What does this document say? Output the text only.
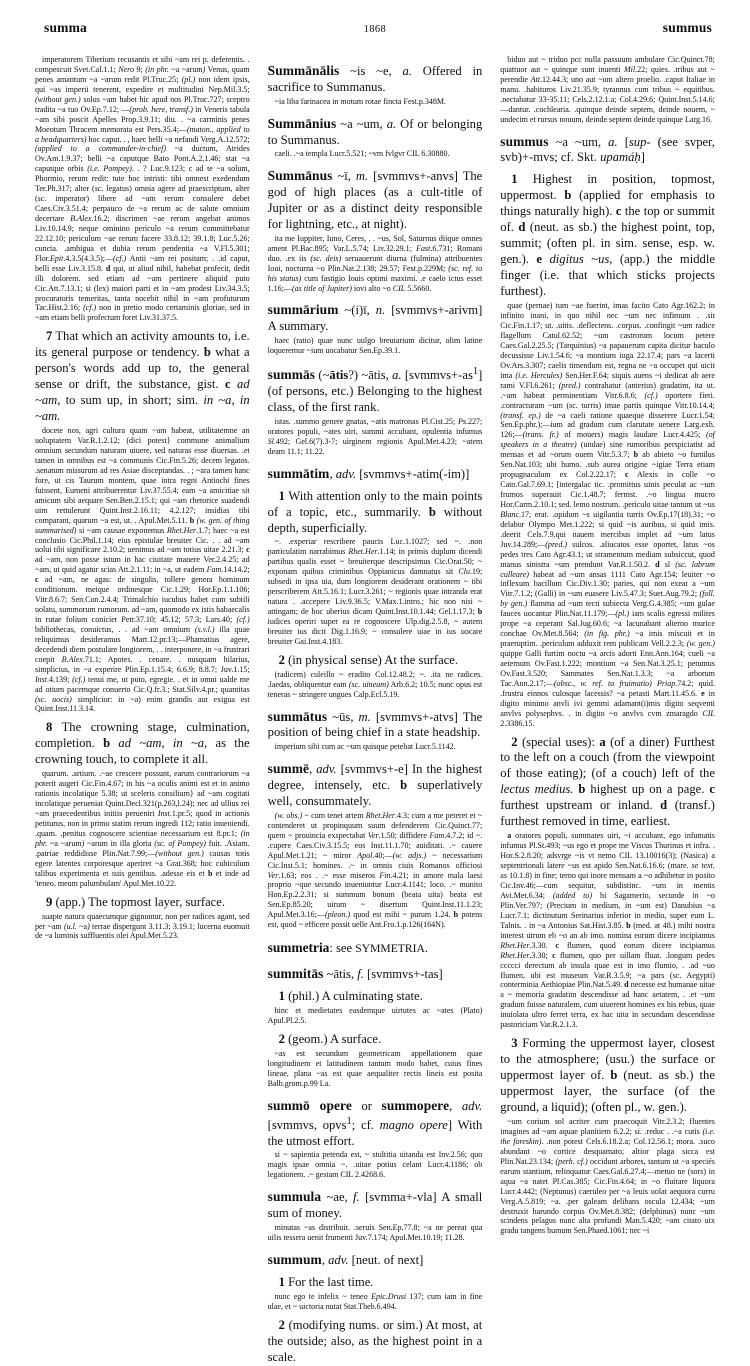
summa	1868	summus
imperatorem Tiberium recusantis et sibi ~am rei p. deferentis. . compescuit Svet.Cal.1.1; Nero 9; (in phr. ~a ~arum) Venus, quam penes amantum ~a ~arum redit Pl.Truc.25; (pl.) non idem ipsis, qui ~as imperii tenerent, expedire et multitudini Nep.Mil.3.5; (without gen.) solus ~am habet hic apud nos Pl.Truc.727; sceptro tradita ~a tuo Ov.Ep.7.12; —(prob. here, transf.) in Veneris tabula ~am sibi poscit Apelles Prop.3.9.11; diu. . ~a carminis penes Moeotum Thracem memorata est Pers.35.4;—(maton., applied to a headquarters) hoc caput. . , haec belli ~a nefandi Verg.A.12.572; (applied to a commander-in-chief) ~a ductum, Atrides Ov.Am.1.9.37; belli ~a caputque Bato Pont.A.2.1.46; stat ~a caputque orbis (i.e. Pompey). . ? Luc.9.123; c ad te ~a solum, Phormio, rerum redit: tute hoc intristi: tibi omnest exedendum Ter.Ph.317; alter (sc. legatus) omnia agere ad praescriptum, alter (sc. imperator) libere ad ~am rerum consulere debet Caes.Civ.3.51.4; perpauco de ~a rerum ac de salute omnium decertare B.Alex.16.2; discrimen ~ae rerum angebat animos Liv.10.14.9; neque ominino periculo ~a rerum committebatur 22.12.10; periculum ~ae rerum facere 33.8.12; 39.1.8; Luc.5.26; cuncta. .ambigua et dubia rerum pendentia ~a V.Fl.5.301; Flor.Epit.4.3.5(4.3.5);—(cf.) Antii ~am rei positam; . .id caput, belli esse Liv.3.15.8. d qui, ut aliud nihil, habebat profecit, dedit illi dolorem. sed etiam ad ~am pertinere aliquid puto Cic.Att.7.13.1; si (lex) maiori parti et in ~am prodest Liv.34.3.5; procuratoris temeritas, tanta nocebit nihil in ~am profuturum Tac.Hist.2.16; (cf.) non in pretio modo certaminis gloriae, sed in ~am etiam belli profectum foret Liv.31.37.5.
7 That which an activity amounts to, i.e. its general purpose or tendency. b what a person's words add up to, the general sense or drift, the substance, gist. c ad ~am, to sum up, in short; sim. in ~a, in ~am.
docete nos, agri cultura quam ~am habeat, utilitatemne an uoluptatem Var.R.1.2.12; (dici potest} commune animalium omnium secundum naturam uiuere, sed naturas esse diuersas. .et tamen in omnibus est ~a communis Cic.Fin.5.26; decem legatos. .senatum missurum ad res Asiae disceptandas. . ; ~ara tamen hanc fore, ut cis Taurum montem, quae intra regni Antiochi fines fuissent, Eumeni attribuerentur Liv.37.55.4; eam ~a amicitiae sit amicum sibi aequare Sen.Ben.2.15.1; qui ~am rhetorice suadendi uim rettulerunt Quint.Inst.2.16.11; 4.2.127; insidias tibi comparant, quarum ~a est, ut. . Apul.Met.5.11. b (w. gen. of thing summarised) si ~am causae exponemus Rhet.Her.1.7; haec ~a est conclusio Cic.Phil.1.14; eius epistulae breuiter Cic. . . ad ~am uolui tibi significare 2.10.2; uenimus ad ~am totius uitae 2.21.3; c ad ~am, non posse istum in hac ciuitate manere Ver.2.4.25; ad ~am, ut quid agatur scias Att.2.1.11; in ~a, ut eadem Fam.14.14.2; c ad ~am, ne agas: de singulis, tollere genera hominum conditionum. meique ordinesque Cic.1.29; Hor.Ep.1.1.106; Vitr.8.6.7; Sen.Con.2.4.4; Trimalchio iucubus habet cum subtili uolatu, summorum rumorum. ad ~am, quomodo ex istis babaecalis in rutae folium coniciet Petr.37.10; 45.12; 57.3; Lars.40; (cf.) bibliothecas, conuictus, . . ad ~am omnium (s.v.l.) illa quae reliquimus desideramus Mart.12.pr.13;—Phamatius agere, decedendi diem postulare longiorem, . . interponere, in ~a frustrari coepit B.Alex.71.1; Apotes. . cenare. . nusquam hilarius, simplicius, in ~a experire Plin.Ep.1.15.4; 6.6.9; 8.8.7; Juv.1.15; Inst.4.139; (cf.) tenui me, ut puto, egregie. . et in omni ualde me ad otium pacemque conuerto Cic.Q.fr.3.; Stat.Silv.4.pr.; quantitas (sc. uocis) simplicior: in ~a) enim grandis aut exigua est Quint.Inst.11.3.14.
8 The crowning stage, culmination, completion. b ad ~am, in ~a, as the crowning touch, to complete it all.
quarum. .artium. .~ae crescere possunt, earum contrariorum ~a poterit augeri Cic.Fin.4.67; in his ~a oculis animi est et in animo rationis incolatique 5.38; ut sceleris consilium} ad ~am cogitati incolatique perueniat Quint.Decl.321(p.263,l.24); nec ad ullius rei ~am praecedentibus initiis perueniri Inst.1.pr.5; quod in actionis petiturus, non in primo statim rerum ingredi 112; ratio inueniendi. .quam. .penitus cognoscere scientiae necessarium est 8.pr.1; (in phr. ~a ~arum) ~arum in illa gloria (sc. of Pompey) fuit. .Asiam. .patriae reddidisse Plin.Nat.7.99;—(without gen.) causas totis egere latentes corporesque aperiret ~a Grat.368; hoc cubiculum talibus experimenta et suis gentibus. .adesse eis et b et inde ad 'teneo, meum palumbulam' Apul.Met.10.22.
9 (app.) The topmost layer, surface.
suapte natura quaecumque gignuntur, non per radices agant, sed per ~am (u.l. ~a) terrae dispergunt 3.11.3; 3.19.1; lucerna euomuit de ~a luminis suffluentis olei Apul.Met.5.23.
Summānālis ~is ~e, a. Offered in sacrifice to Summanus.
~ia liba farinacea in motum rotae fincta Fest.p.348M.
Summānius ~a ~um, a. Of or belonging to Summanus.
caeli. .~a templa Lucr.5.521; ~vm fvlgvr CIL 6.30880.
Summānus ~ī, m. [svmmvs+-anvs] The god of high places (as a cult-title of Jupiter or as a distinct deity responsible for lightning, etc., at night).
ita me Iuppiter, Iuno, Ceres, . . ~us, Sol, Saturnus diique omnes ament Pl.Bac.895; Var.L.5.74; Liv.32.29.1; Fast.6.731; Romani duo. .ex iis (sc. deis) seruauerunt diurna (fulmina) attribuentes Ioui, nocturna ~o Plin.Nat.2.138; 29.57; Fest.p.229M; (sc. ref. to his status) cum fastigio Iouis optimi maximi. .e caelo ictus esset 1.16;—(as title of Jupiter) iovi alto ~o CIL 5.5660.
summārium ~(i)ī, n. [svmmvs+-arivm] A summary.
haec (ratio) quae nunc uulgo breuiarium dicitur, olim latine loqueremur ~ium uocabatur Sen.Ep.39.1.
summās (~ātis?) ~ātis, a. $[svmmvs+-as^1]$ (of persons, etc.) Belonging to the highest class, of the first rank.
istas. .summo genere gnatas, ~atis matronas Pl.Cist.25; Ps.227; oratores populi, ~ates uiri, summi accubant, opulentia infumus Sl.492; Gel.6(7).3-7; uirginem regionis Apul.Met.4.23; ~atem deam 11.1; 11.22.
summātim, adv. [svmmvs+-atim(-im)]
1 With attention only to the main points of a topic, etc., summarily. b without depth, superficially.
~. .experiar rescribere paucis Luc.1.1027; sed ~. .non particulatim narrabimus Rhet.Her.1.14; in primis duplum dicendi partibus qualis esset ~ breuiterque descripsimus Cic.Orat.50; ~ exponam quibus criminibus Oppianicus damnatus sit Clu.19; subsedi in ipsa uia, dum longiorem desiderant orationem ~ tibi perscriberem Att.5.16.1; Lucr.3.261; ~ regionis quae intranda erat natura . .accepere Liv.9.36.5; V.Max.1.intro.; hic non nisi ~ attingam; de hoc uberius dicam Quint.Inst.10.1.44; Gel.1.17.3; b iudices operiri super ea re cognoscere Ulp.dig.2.5.8, ~ autem breuiter ius dicit Dig.1.16.9; ~ consulere uiae in ius uocare breuiter Gai.Inst.4.183.
2 (in physical sense) At the surface.
(radicem) culeillo ~ eradito Col.12.48.2; ~. .ita ne radices. .laedas, obliquentur eam (sc. uineam) Arb.6.2; 10.5; nunc opus est teneras ~ stringere ungues Calp.Ecl.5.19.
summātus ~ūs, m. [svmmvs+-atvs] The position of being chief in a state headship.
imperium sibi cum ac ~um quisque petebat Lucr.5.1142.
summē, adv. [svmmvs+-e] In the highest degree, intensely, etc. b superlatively well, consummately.
(w. obs.) ~ cum tenet artem Rhet.Her.4.3; cum a me peteret et ~ contenderet ut propinquum suum defenderem Cic.Quinct.77; quem ~ prouincia exspectabat Ver.1.50; diffidere Fam.4.7.2; id ~. .cupere Caes.Civ.3.15.5; eos Inst.11.1.70; auiditati. .~ cauere Apul.Met.1.21; ~ miror Apol.40;—(w. adjs.) ~ necessarium Cic.Inst.5.1; homines. .~ in omnis ciuis Romanos officiosi Ver.1.63; eos . .~ esse miseros Fin.4.21; in amore mala laesi proprio ~que secundo inueniuntur Lucr.4.1141; loco. .~ munito Hon.Ep.2.2.31; si summum bonum (beata uita) beata est Sen.Ep.85.20; uirum ~ disertum Quint.Inst.11.1.23; Apul.Met.3.16;—(pleon.) quod est mihi ~ purum 1.24. b potens est, quod ~ efficere possit uelle Ant.Fro.1.p.126(164N).
summetria: see SYMMETRIA.
summitās ~ātis, f. [svmmvs+-tas]
1 (phil.) A culminating state.
hinc et medietates easdemque uirtutes ac ~ates (Plato) Apul.Pl.2.5.
2 (geom.) A surface.
~as est secundum geometricam appellationem quae longitudinem et latitudinem tantum modo habet, cuius fines lineae, plana ~as est quae aequaliter rectis lineis est posita Balb.grom.p.99 La.
summō opere or summopere, adv. [svmmvs, opvs$^1$; cf. magno opere] With the utmost effort.
si ~ sapientia petenda est, ~ stultitia uitanda est Inv.2.56; quo magis ipsae omnia ~. .uitae potius celant Lucr.4.1186; ob legationem. .~ gestam CIL 2.4268.6.
summula ~ae, f. [svmma+-vla] A small sum of money.
minutas ~as distribuit. .seruis Sen.Ep.77.8; ~a ne pereat qua uilis tessera uenit frumenti Juv.7.174; Apul.Met.10.19; 11.28.
summum, adv. [neut. of next]
1 For the last time.
nunc ego te infelix ~ teneo Epic.Drusi 137; cum iam in fine ulae, et ~ uictoria nutat Stat.Theb.6.494.
2 (modifying nums. or sim.) At most, at the outside; also, as the highest point in a scale.
biduo aut ~ triduo pcc nulla passuum ambulare Cic.Quinct.78; quattuor aut ~ quinque sunt inuenti Mil.22; quies. .tribus aut ~ perendie Att.12.44.3; uno aut ~um altero proelio. .caput Italiae in manu. .habituros Liv.21.35.9; tyrannus cum tribus ~ equitibus. .nectabatur 33-35.11; Cels.2.12.1.a; Col.4.29.6; Quint.Inst.5.14.6;—dantur. .cochlearia. .quinque deinde septem, deinde nouem, ~ undecim et rursus nouum, deinde septem deinde quinque Larg.16.
summus ~a ~um, a. [sup- (see svper, svb)+-mvs; cf. Skt. upamáḥ]
1 Highest in position, topmost, uppermost. b (applied for emphasis to things naturally high). c the top or summit of. d (neut. as sb.) the highest point, top, summit; (often pl. in sim. sense, esp. w. gen.). e digitus ~us, (app.) the middle finger (i.e. that which sticks projects furthest).
quae (pernae) tum ~ae fuerint, imas facito Cato Agr.162.2; in infinito inani, in quo nihil nec ~um nec infimum . .sit Cic.Fin.1.17; ut. .uitis. .deflectens. .corpus. .confingit ~um radice flagellum Catul.62.52; ~um castrorum locum petere Caes.Gal.2.25.5; (Tarquinius) ~a papauerum capita dicitur baculo decussisse Liv.1.54.6; ~a montium iuga 22.17.4; pars ~a lacerti Ov.Ars.3.307; caelis timendum est, regna ne ~a occupet qui uicit ima (i.e. Hercules) Sen.Her.F.64; siquis auens ~i dedicat ab aere rami V.Fl.6.261; (pred.) contrahatur (anterius) gradatim, ita ut. .~am habeat perminentiam Vitr.6.8.6; (cf.) oportere fieri. .contracturam ~um (sc. turris) imae partis quinque Vitr.10.14.4; (transf. ep.) de ~a caeli ratione quaeque disserere Lucr.1.54; Sen.Ep.phr.);—ium ad gradum cum clarutate uenere Larg.exh. 126;—(trans. fr.) of mouers) magis laudare Lucr.4.425; (of speakers in a theatre) (undae) sine rumoribus perspiciatist ad mensas et ad ~orum ouem Vitr.5.3.7; b ab abieto ~o fumilus Sen.Nat.103; ubi humo. .sub aurea origine ~igiae Terra etiam propugnaculum ex Col.2.22.17; c Alexis in colle ~o Cato.Gal.7.69.1; [intergalac tic. .promittus uinis peculat ac ~um frumos superauit Cic.1.48.7; fermst. .~o lingua mucro Hor.Carm.2.10.1; sed. lemo nostrum. .periculo uitae tantum ut ~us Blanc.17; erat. .opidum ~s uigilantia turris Ov.Ep.17(18).31; ~o delabor Olympo Met.1.222; si quid ~is auribus, si quid imis. .deerit Cels.7.9.qui nauem mercibus implet ad ~um latus Juv.14.289;—(pred.) sulcos. .aliucatos esse oportet, latus ~os pedes tres Cato Agr.43.1; ut stramentum mediam subsiccut, quod manus sinistra ~um prendunt Var.R.1.50.2. d sl (sc. labrum culleare) habeat ad ~um ansas 1111 Cato Agr.154; leuiter ~o inflexum bacillum Cic.Div.1.30; paries, qui non exeat a ~um Vitr.7.1.2; (Galli) in ~um euasere Liv.5.47.3; Suet.Aug.79.2; (foll. by gen.) flamma ad ~um tecti subiecta Verg.G.4.385; ~um gulae fauces uocantur Plin.Nat.11.179;—(pl.) iam scalis egressi milites prope ~a ceperant Sal.Jug.60.6; ~a lacunabant alterno murice conchae Ov.Met.8.564; (in fig. phr.) ~a imis miscuit et in praeruptim. .periculum adduxit rem publicam Vell.2.2.3; (w. gen.) quippe Galli furtim noctu ~a arcis adorti Enn.Ann.164; cueli ~a aeternum Ov.Fast.1.222; montium ~a Sen.Nat.3.25.1; petumus Ov.Fast.3.520; Sammates Sen.Nat.1.3.3; ~a arborum Tac.Ann.2.17;—(obsc., w. ref. to fruimatio) Priap.74.2; quid. .frustra einnos culosque lacessis? ~a petasti Mart.11.45.6. e in digito minimo anvli ivi gemmi adamant(i)mis digito seqventi anvlvs polysephvs. . in digito ~o anvlvs cvm zmaragdo CIL 2.3386.15.
2 (special uses): a (of a diner) Furthest to the left on a couch (from the viewpoint of those eating); (of a couch) left of the lectus medius. b highest up on a page. c furthest upstream or inland. d (transf.) furthest removed in time, earliest.
a oratores populi, summates uiri, ~i accubant, ego infumatis infumus Pl.St.493; ~us ego et prope me Viscus Thurinus et infra. . Hor.S.2.8.20; adsvrge ~is vt nemo CIL 13.10016(3); (Nasica) a septentrionali latere ~us est apido Sen.Nat.6.16.6; (mare. se text. as 10.1.8) in fine; terno qui inore mensam a ~o adhibetur in posito Cic.Inv.46;—cum sequitur, subdistinc. ~um in mentis Avi.Met.6.34; (added to) hi Sagamerio, secunde in ~o Plin.Ver.797; (Precium in medium, in ~um est) Danubius ~a Lucr.7.1; dictinutum Serinarius inferior in medio, super eum L. Talnis. . in ~a Antonius Sat.Hist.3.85. b (med. at 48.) mihi nostra interest utrum eb ~o an ab imo. nomina eorum dicere incipiamus Rhet.Her.3.30. c flumen, quod eorum dicere incipiamus Rhet.Her.3.30; c flumen, quo per uillam fluat. .longum pedes ccccci derectum ab insula quae est in imo flumio, . .ad ~uo flumen, ubi est museum Var.R.3.5.9; ~a pars (sc. Aegypti) conterminia Aethiopiae Plin.Nat.5.49. d necesse est humanae uitae a ~ memoria gradatim descendisse ad hanc aetatem, . .et ~um gradum fuisse naturalem, cum uiuerent homines ex his rebus, quae inuiolata ultro ferret terra, ex hac uita in secundam descendisse pastoriciam Var.R.2.1.3.
3 Forming the uppermost layer, closest to the atmosphere; (usu.) the surface or uppermost layer of. b (neut. as sb.) the uppermost layer, the surface (of the ground, a liquid); (often pl., w. gen.).
~um corium sol acriter cum praecoquit Vitr.2.3.2; fluentes imagines ad ~am aquae planitiem 6.2.2; si. .reduc . .~a cutis (i.e. the foreskin). .non potest Cels.6.18.2.a; Col.12.56.1; mora. .suco abundant ~o cortice desquamato; altior plaga sicca est Plin.Nat.23.134; (perh. cf.) occidunt arbores, tantum ut ~a speciés earum stantium, relinquatur Caes.Gal.6.27.4;—metuo ne (sors) in aqua ~a natet Pl.Cas.385; Cic.Fin.4.64; in ~o fluitare liquora Lucr.4.442; (Neptunus) caeruleo per ~a leuis uolat aequora curru Verg.A.5.819; ~a. .per galeam delibans oscula 12.434; ~um destruxit harundo corpus Ov.Met.8.382; (delphinus) nunc ~um scindens pelagus nunc alta profundi Man.5.420; ~am citato uix gradu tangens humum Sen.Phaed.1061; nec ~i
